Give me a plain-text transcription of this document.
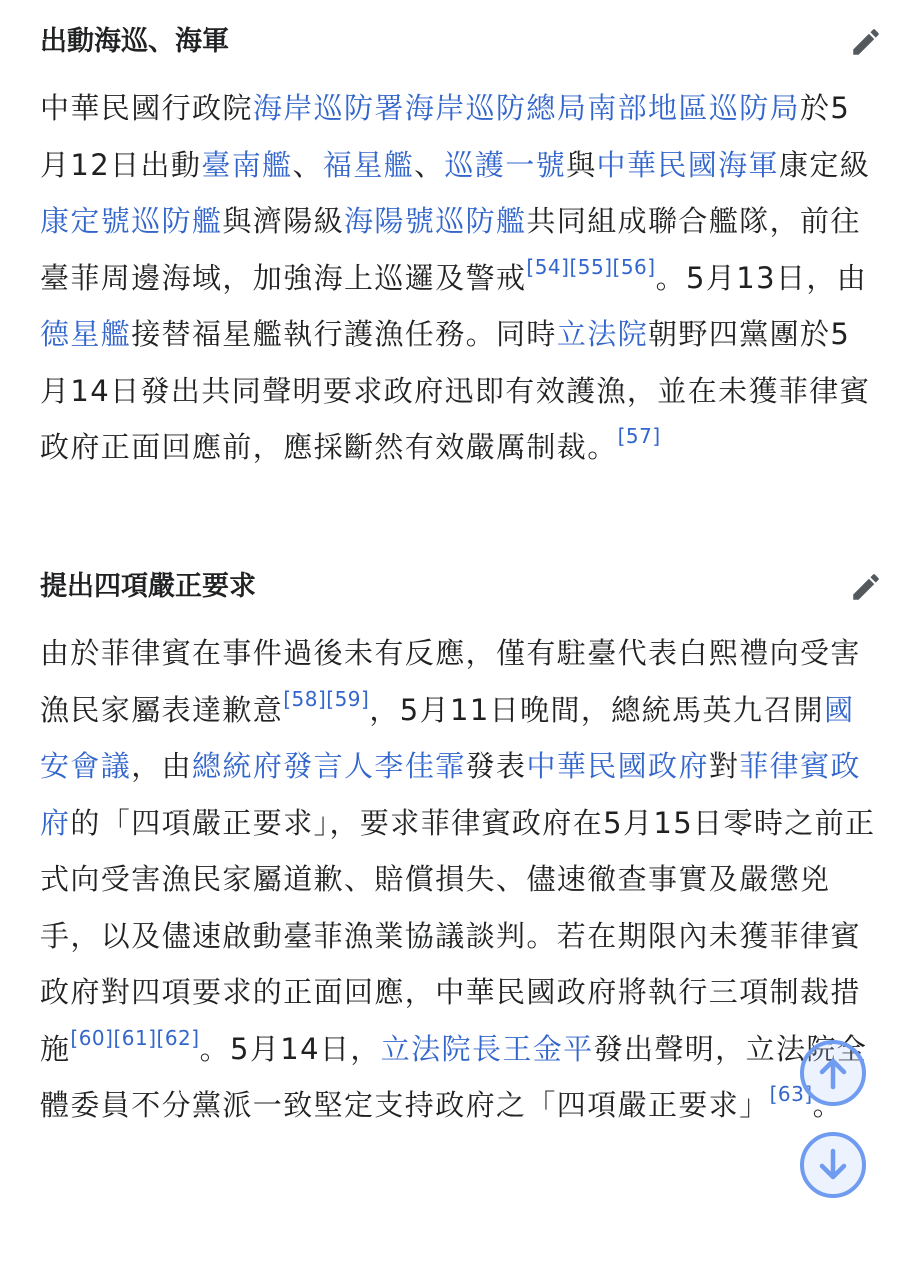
出動海巡、海軍

中華民國行政院海岸巡防署海岸巡防總局南部地區巡防局於5月12日出動臺南艦、福星艦、巡護一號與中華民國海軍康定級康定號巡防艦與濟陽級海陽號巡防艦共同組成聯合艦隊，前往臺菲周邊海域，加強海上巡邏及警戒[54][55][56]。5月13日，由德星艦接替福星艦執行護漁任務。同時立法院朝野四黨團於5月14日發出共同聲明要求政府迅即有效護漁，並在未獲菲律賓政府正面回應前，應採斷然有效嚴厲制裁。[57]

提出四項嚴正要求

由於菲律賓在事件過後未有反應，僅有駐臺代表白熙禮向受害漁民家屬表達歉意[58][59]，5月11日晚間，總統馬英九召開國安會議，由總統府發言人李佳霏發表中華民國政府對菲律賓政府的「四項嚴正要求」，要求菲律賓政府在5月15日零時之前正式向受害漁民家屬道歉、賠償損失、儘速徹查事實及嚴懲兇手，以及儘速啟動臺菲漁業協議談判。若在期限內未獲菲律賓政府對四項要求的正面回應，中華民國政府將執行三項制裁措施[60][61][62]。5月14日，立法院長王金平發出聲明，立法院全體委員不分黨派一致堅定支持政府之「四項嚴正要求」[63]。
